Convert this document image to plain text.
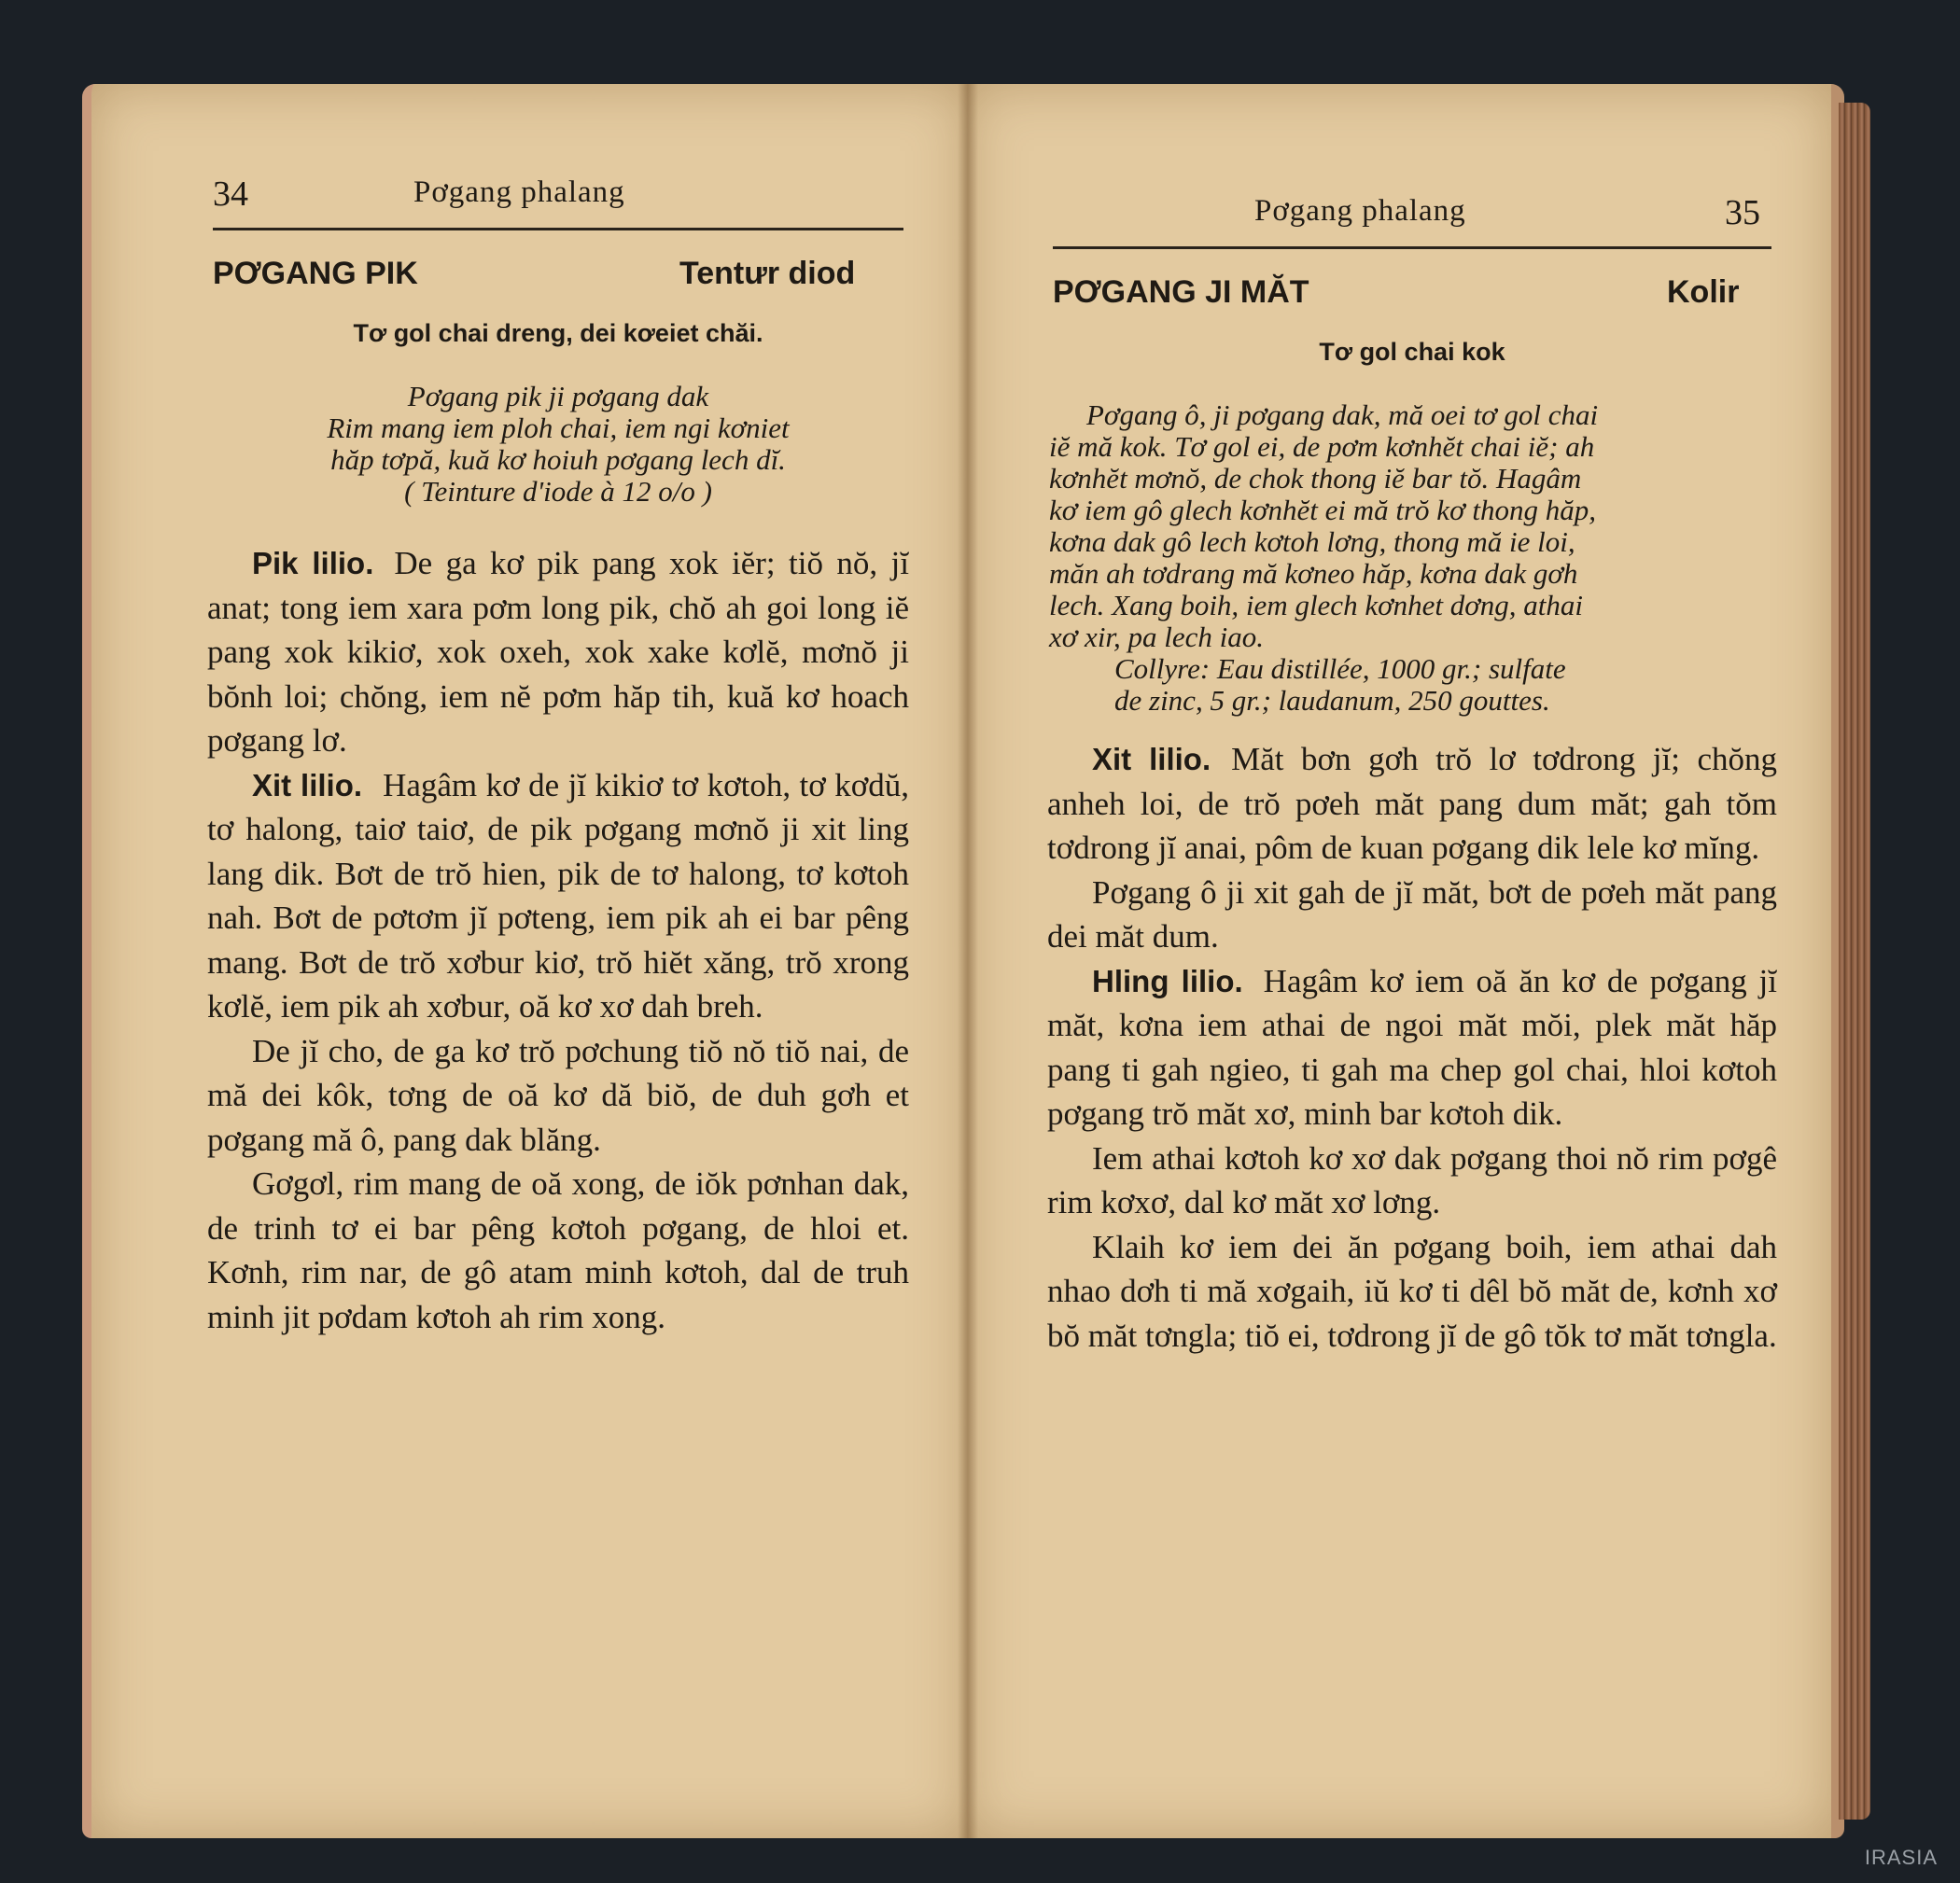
34	Pơgang phalang
PƠGANG PIK	Tentưr diod
Tơ gol chai dreng, dei kơeiet chăi.

Pơgang pik ji pơgang dak

Rim mang iem ploh chai, iem ngi kơniet

hăp tơpă, kuă kơ hoiuh pơgang lech dĭ.

( Teinture d'iode à 12 o/o )

Pik lilio. De ga kơ pik pang xok iĕr; tiŏ nŏ, jĭ anat; tong iem xara pơm long pik, chŏ ah goi long iĕ pang xok kikiơ, xok oxeh, xok xake kơlĕ, mơnŏ ji bŏnh loi; chŏng, iem nĕ pơm hăp tih, kuă kơ hoach pơgang lơ.

Xit lilio. Hagâm kơ de jĭ kikiơ tơ kơtoh, tơ kơdŭ, tơ halong, taiơ taiơ, de pik pơgang mơnŏ ji xit ling lang dik. Bơt de trŏ hien, pik de tơ halong, tơ kơtoh nah. Bơt de pơtơm jĭ pơteng, iem pik ah ei bar pêng mang. Bơt de trŏ xơbur kiơ, trŏ hiĕt xăng, trŏ xrong kơlĕ, iem pik ah xơbur, oă kơ xơ dah breh.

De jĭ cho, de ga kơ trŏ pơchung tiŏ nŏ tiŏ nai, de mă dei kôk, tơng de oă kơ dă biŏ, de duh gơh et pơgang mă ô, pang dak blăng.

Gơgơl, rim mang de oă xong, de iŏk pơnhan dak, de trinh tơ ei bar pêng kơtoh pơgang, de hloi et. Kơnh, rim nar, de gô atam minh kơtoh, dal de truh minh jit pơdam kơtoh ah rim xong.

Pơgang phalang	35
PƠGANG JI MĂT	Kolir
Tơ gol chai kok

Pơgang ô, ji pơgang dak, mă oei tơ gol chai

iĕ mă kok. Tơ gol ei, de pơm kơnhĕt chai iĕ; ah

kơnhĕt mơnŏ, de chok thong iĕ bar tŏ. Hagâm

kơ iem gô glech kơnhĕt ei mă trŏ kơ thong hăp,

kơna dak gô lech kơtoh lơng, thong mă ie loi,

măn ah tơdrang mă kơneo hăp, kơna dak gơh

lech. Xang boih, iem glech kơnhet dơng, athai

xơ xir, pa lech iao.

Collyre: Eau distillée, 1000 gr.; sulfate

de zinc, 5 gr.; laudanum, 250 gouttes.

Xit lilio. Măt bơn gơh trŏ lơ tơdrong jĭ; chŏng anheh loi, de trŏ pơeh măt pang dum măt; gah tŏm tơdrong jĭ anai, pôm de kuan pơgang dik lele kơ mĭng.

Pơgang ô ji xit gah de jĭ măt, bơt de pơeh măt pang dei măt dum.

Hling lilio. Hagâm kơ iem oă ăn kơ de pơgang jĭ măt, kơna iem athai de ngoi măt mŏi, plek măt hăp pang ti gah ngieo, ti gah ma chep gol chai, hloi kơtoh pơgang trŏ măt xơ, minh bar kơtoh dik.

Iem athai kơtoh kơ xơ dak pơgang thoi nŏ rim pơgê rim kơxơ, dal kơ măt xơ lơng.

Klaih kơ iem dei ăn pơgang boih, iem athai dah nhao dơh ti mă xơgaih, iŭ kơ ti dêl bŏ măt de, kơnh xơ bŏ măt tơngla; tiŏ ei, tơdrong jĭ de gô tŏk tơ măt tơngla.

IRASIA
